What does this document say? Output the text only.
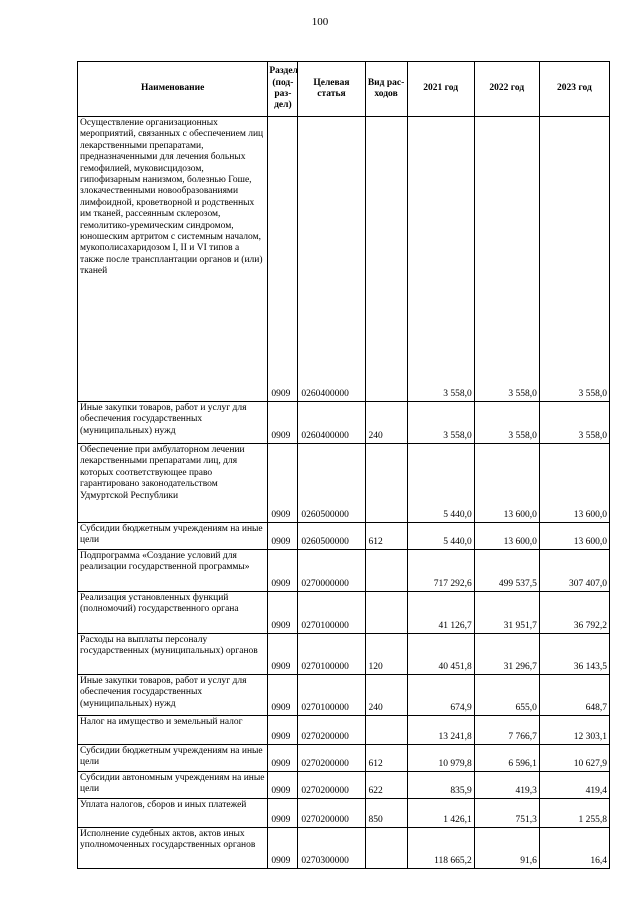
100
Наименование	Раздел (под-раз-дел)	Целевая статья	Вид рас-ходов	2021 год	2022 год	2023 год
Осуществление организационных мероприятий, связанных с обеспечением лиц лекарственными препаратами, предназначенными для лечения больных гемофилией, муковисцидозом, гипофизарным нанизмом, болезнью Гоше, злокачественными новообразованиями лимфоидной, кроветворной и родственных им тканей, рассеянным склерозом, гемолитико-уремическим синдромом, юношеским артритом с системным началом, мукополисахаридозом I, II и VI типов а также после трансплантации органов и (или) тканей	0909	0260400000		3 558,0	3 558,0	3 558,0
Иные закупки товаров, работ и услуг для обеспечения государственных (муниципальных) нужд	0909	0260400000	240	3 558,0	3 558,0	3 558,0
Обеспечение при амбулаторном лечении лекарственными препаратами лиц, для которых соответствующее право гарантировано законодательством Удмуртской Республики	0909	0260500000		5 440,0	13 600,0	13 600,0
Субсидии бюджетным учреждениям на иные цели	0909	0260500000	612	5 440,0	13 600,0	13 600,0
Подпрограмма «Создание условий для реализации государственной программы»	0909	0270000000		717 292,6	499 537,5	307 407,0
Реализация установленных функций (полномочий) государственного органа	0909	0270100000		41 126,7	31 951,7	36 792,2
Расходы на выплаты персоналу государственных (муниципальных) органов	0909	0270100000	120	40 451,8	31 296,7	36 143,5
Иные закупки товаров, работ и услуг для обеспечения государственных (муниципальных) нужд	0909	0270100000	240	674,9	655,0	648,7
Налог на имущество и земельный налог	0909	0270200000		13 241,8	7 766,7	12 303,1
Субсидии бюджетным учреждениям на иные цели	0909	0270200000	612	10 979,8	6 596,1	10 627,9
Субсидии автономным учреждениям на иные цели	0909	0270200000	622	835,9	419,3	419,4
Уплата налогов, сборов и иных платежей	0909	0270200000	850	1 426,1	751,3	1 255,8
Исполнение судебных актов, актов иных уполномоченных государственных органов	0909	0270300000		118 665,2	91,6	16,4
